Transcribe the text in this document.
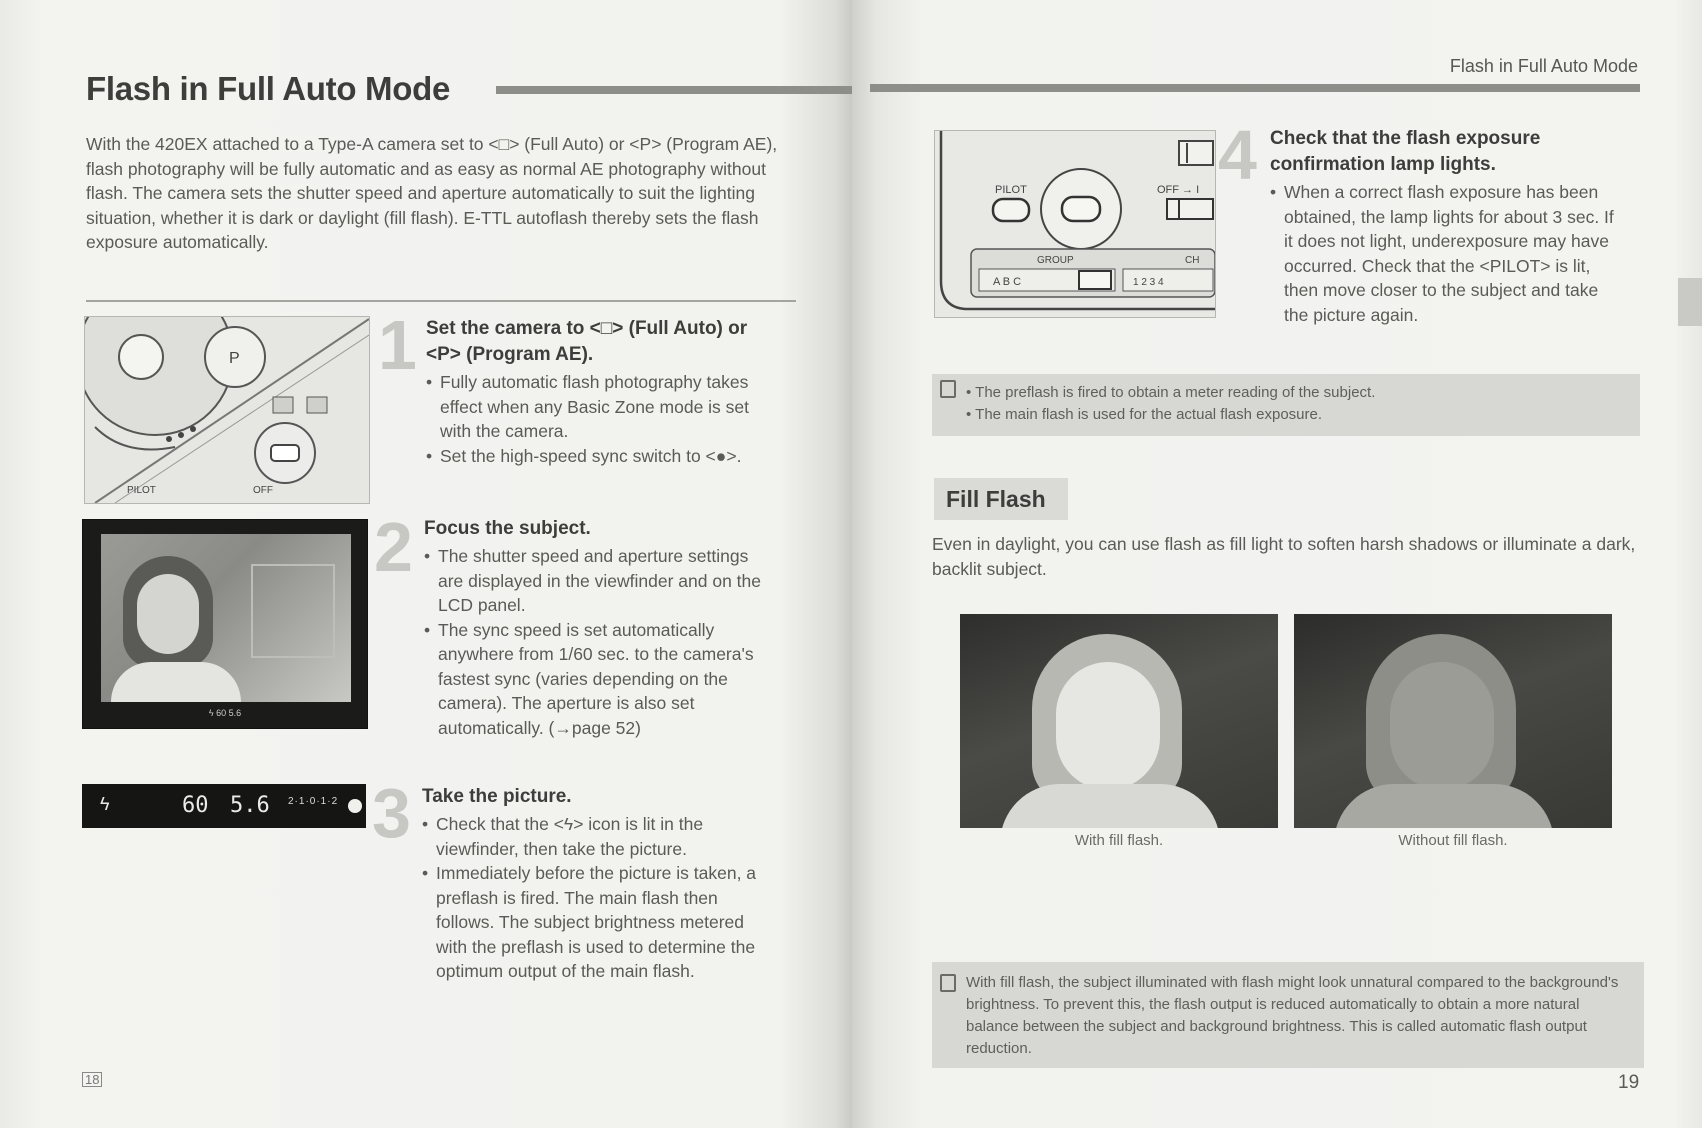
Flash in Full Auto Mode
With the 420EX attached to a Type-A camera set to <□> (Full Auto) or <P> (Program AE), flash photography will be fully automatic and as easy as normal AE photography without flash. The camera sets the shutter speed and aperture automatically to suit the lighting situation, whether it is dark or daylight (fill flash). E-TTL autoflash thereby sets the flash exposure automatically.
P
PILOT	OFF
ϟ 60 5.6
ϟ	60 5.6 2·1·0·1·2
1 Set the camera to <□> (Full Auto) or <P> (Program AE).
• Fully automatic flash photography takes effect when any Basic Zone mode is set with the camera.
• Set the high-speed sync switch to <●>.
2 Focus the subject.
• The shutter speed and aperture settings are displayed in the viewfinder and on the LCD panel.
• The sync speed is set automatically anywhere from 1/60 sec. to the camera's fastest sync (varies depending on the camera). The aperture is also set automatically. (→page 52)
3 Take the picture.
• Check that the <ϟ> icon is lit in the viewfinder, then take the picture.
• Immediately before the picture is taken, a preflash is fired. The main flash then follows. The subject brightness metered with the preflash is used to determine the optimum output of the main flash.
18
Flash in Full Auto Mode
PILOT	OFF → I
GROUP	CH
A B C	1 2 3 4
4 Check that the flash exposure confirmation lamp lights.
• When a correct flash exposure has been obtained, the lamp lights for about 3 sec. If it does not light, underexposure may have occurred. Check that the <PILOT> is lit, then move closer to the subject and take the picture again.
• The preflash is fired to obtain a meter reading of the subject.
• The main flash is used for the actual flash exposure.
Fill Flash
Even in daylight, you can use flash as fill light to soften harsh shadows or illuminate a dark, backlit subject.
With fill flash.	Without fill flash.
With fill flash, the subject illuminated with flash might look unnatural compared to the background's brightness. To prevent this, the flash output is reduced automatically to obtain a more natural balance between the subject and background brightness. This is called automatic flash output reduction.
19
